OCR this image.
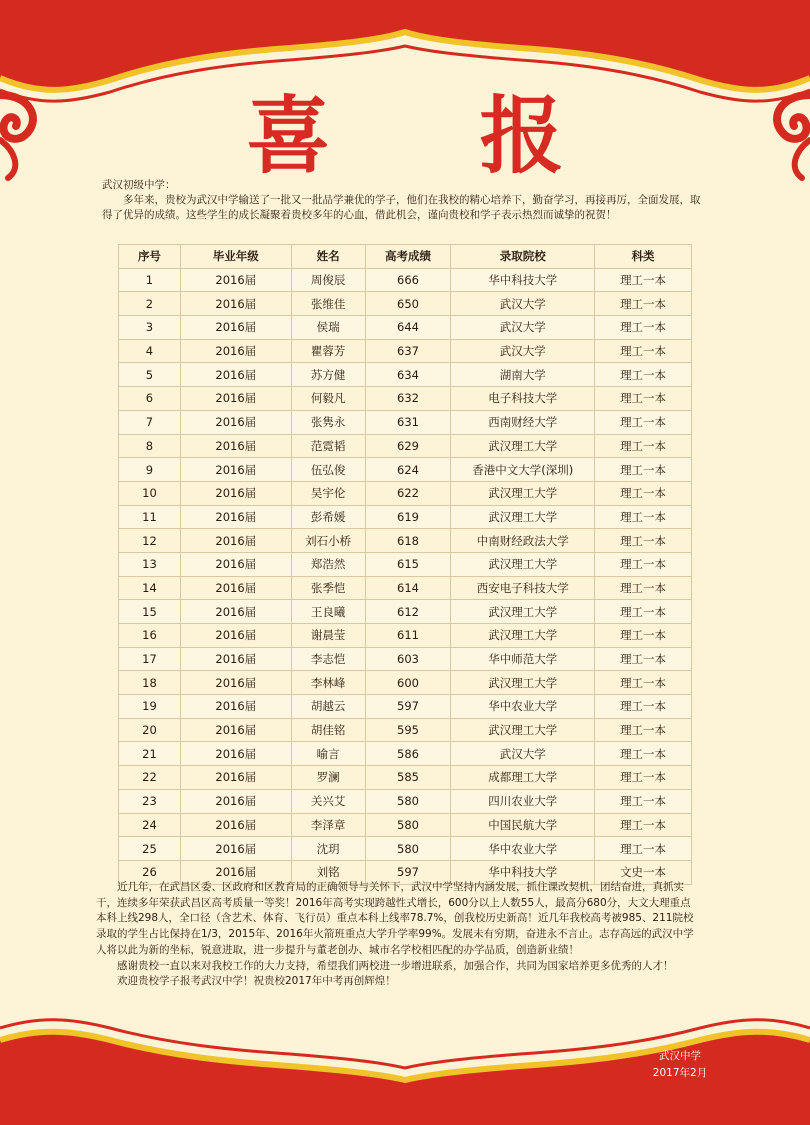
喜 报

武汉初级中学：

多年来，贵校为武汉中学输送了一批又一批品学兼优的学子，他们在我校的精心培养下，勤奋学习，再接再厉，全面发展，取得了优异的成绩。这些学生的成长凝聚着贵校多年的心血，借此机会，谨向贵校和学子表示热烈而诚挚的祝贺！

序号	毕业年级	姓名	高考成绩	录取院校	科类
1	2016届	周俊辰	666	华中科技大学	理工一本
2	2016届	张维佳	650	武汉大学	理工一本
3	2016届	侯瑞	644	武汉大学	理工一本
4	2016届	瞿蓉芳	637	武汉大学	理工一本
5	2016届	苏方健	634	湖南大学	理工一本
6	2016届	何毅凡	632	电子科技大学	理工一本
7	2016届	张隽永	631	西南财经大学	理工一本
8	2016届	范霓韬	629	武汉理工大学	理工一本
9	2016届	伍弘俊	624	香港中文大学(深圳)	理工一本
10	2016届	吴宇伦	622	武汉理工大学	理工一本
11	2016届	彭希媛	619	武汉理工大学	理工一本
12	2016届	刘石小桥	618	中南财经政法大学	理工一本
13	2016届	郑浩然	615	武汉理工大学	理工一本
14	2016届	张季恺	614	西安电子科技大学	理工一本
15	2016届	王良曦	612	武汉理工大学	理工一本
16	2016届	谢晨莹	611	武汉理工大学	理工一本
17	2016届	李志恺	603	华中师范大学	理工一本
18	2016届	李林峰	600	武汉理工大学	理工一本
19	2016届	胡越云	597	华中农业大学	理工一本
20	2016届	胡佳铭	595	武汉理工大学	理工一本
21	2016届	喻言	586	武汉大学	理工一本
22	2016届	罗澜	585	成都理工大学	理工一本
23	2016届	关兴艾	580	四川农业大学	理工一本
24	2016届	李泽章	580	中国民航大学	理工一本
25	2016届	沈玥	580	华中农业大学	理工一本
26	2016届	刘铭	597	华中科技大学	文史一本

近几年，在武昌区委、区政府和区教育局的正确领导与关怀下，武汉中学坚持内涵发展，抓住课改契机，团结奋进，真抓实干，连续多年荣获武昌区高考质量一等奖！2016年高考实现跨越性式增长，600分以上人数55人，最高分680分，大文大理重点本科上线298人，全口径（含艺术、体育、飞行员）重点本科上线率78.7%，创我校历史新高！近几年我校高考被985、211院校录取的学生占比保持在1/3，2015年、2016年火箭班重点大学升学率99%。发展未有穷期，奋进永不言止。志存高远的武汉中学人将以此为新的坐标，锐意进取，进一步提升与董老创办、城市名学校相匹配的办学品质，创造新业绩！

感谢贵校一直以来对我校工作的大力支持，希望我们两校进一步增进联系，加强合作，共同为国家培养更多优秀的人才！

欢迎贵校学子报考武汉中学！祝贵校2017年中考再创辉煌！

武汉中学
2017年2月
